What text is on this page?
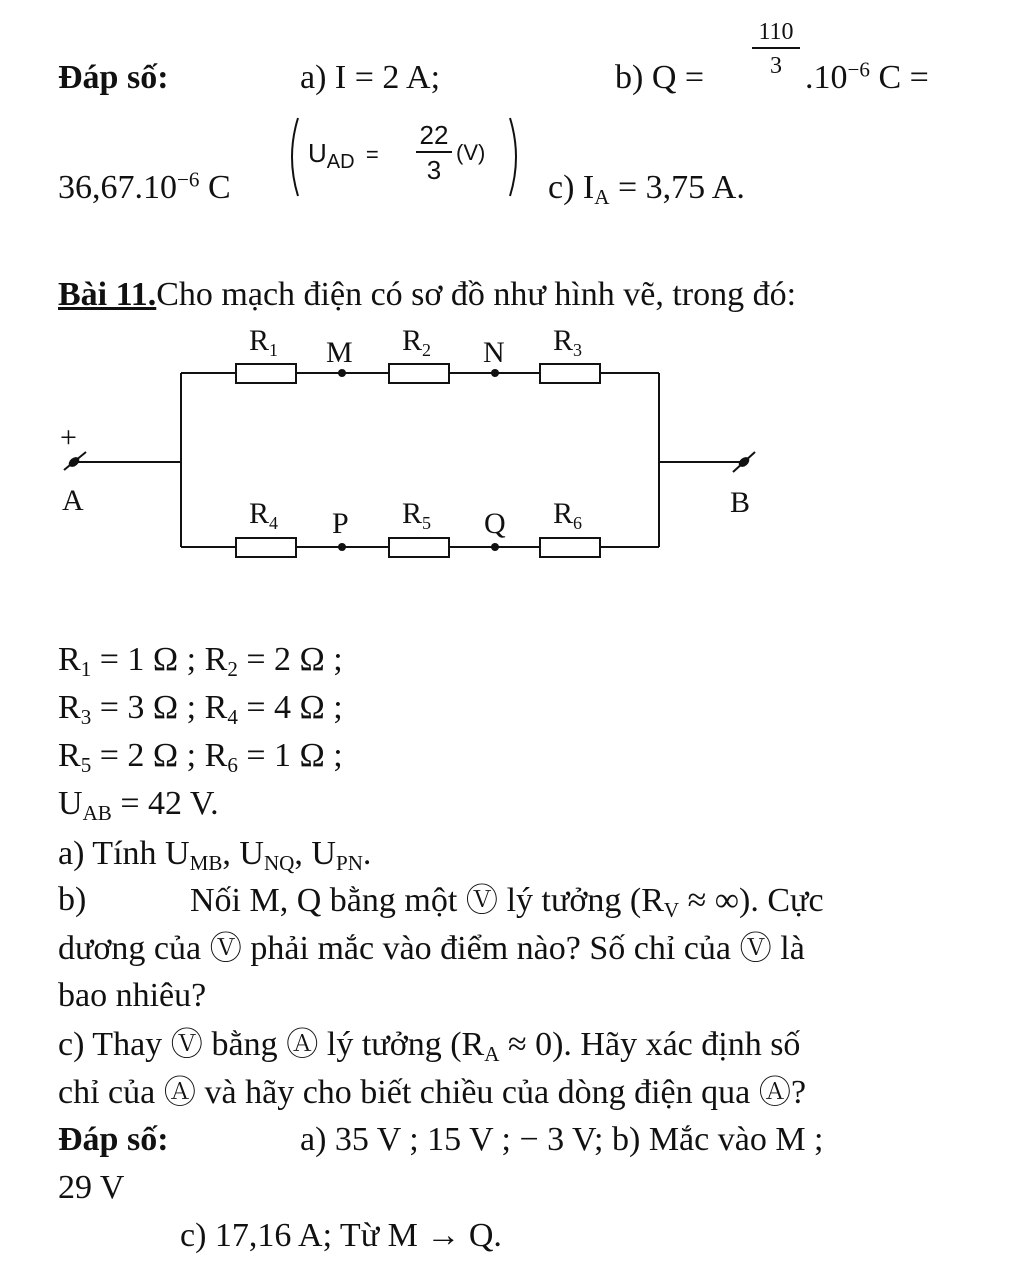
Đáp số:	a) I = 2 A;	b) $Q = \frac{110}{3} .10^{-6}$ C =
$36,67.10^{-6}$ C
$U_{AD} = \frac{22}{3} (V)$
c) $I_A = 3,75$ A.
Bài 11.Cho mạch điện có sơ đồ như hình vẽ, trong đó:
+
A	B
$R_1$ M $R_2$ N $R_3$
$R_4$ P $R_5$ Q $R_6$
$R_1 = 1$ Ω ; $R_2 = 2$ Ω ;
$R_3 = 3$ Ω ; $R_4 = 4$ Ω ;
$R_5 = 2$ Ω ; $R_6 = 1$ Ω ;
$U_{AB} = 42$ V.
a) Tính $U_{MB}$, $U_{NQ}$, $U_{PN}$.
b)	Nối M, Q bằng một Ⓥ lý tưởng ($R_V$ ≈ ∞). Cực
dương của Ⓥ phải mắc vào điểm nào? Số chỉ của Ⓥ là
bao nhiêu?
c) Thay Ⓥ bằng Ⓐ lý tưởng $(R_A \approx 0)$. Hãy xác định số
chỉ của Ⓐ và hãy cho biết chiều của dòng điện qua Ⓐ?
Đáp số:	a) 35 V ; 15 V ; − 3 V; b) Mắc vào M ;
29 V
c) 17,16 A; Từ M → Q.
